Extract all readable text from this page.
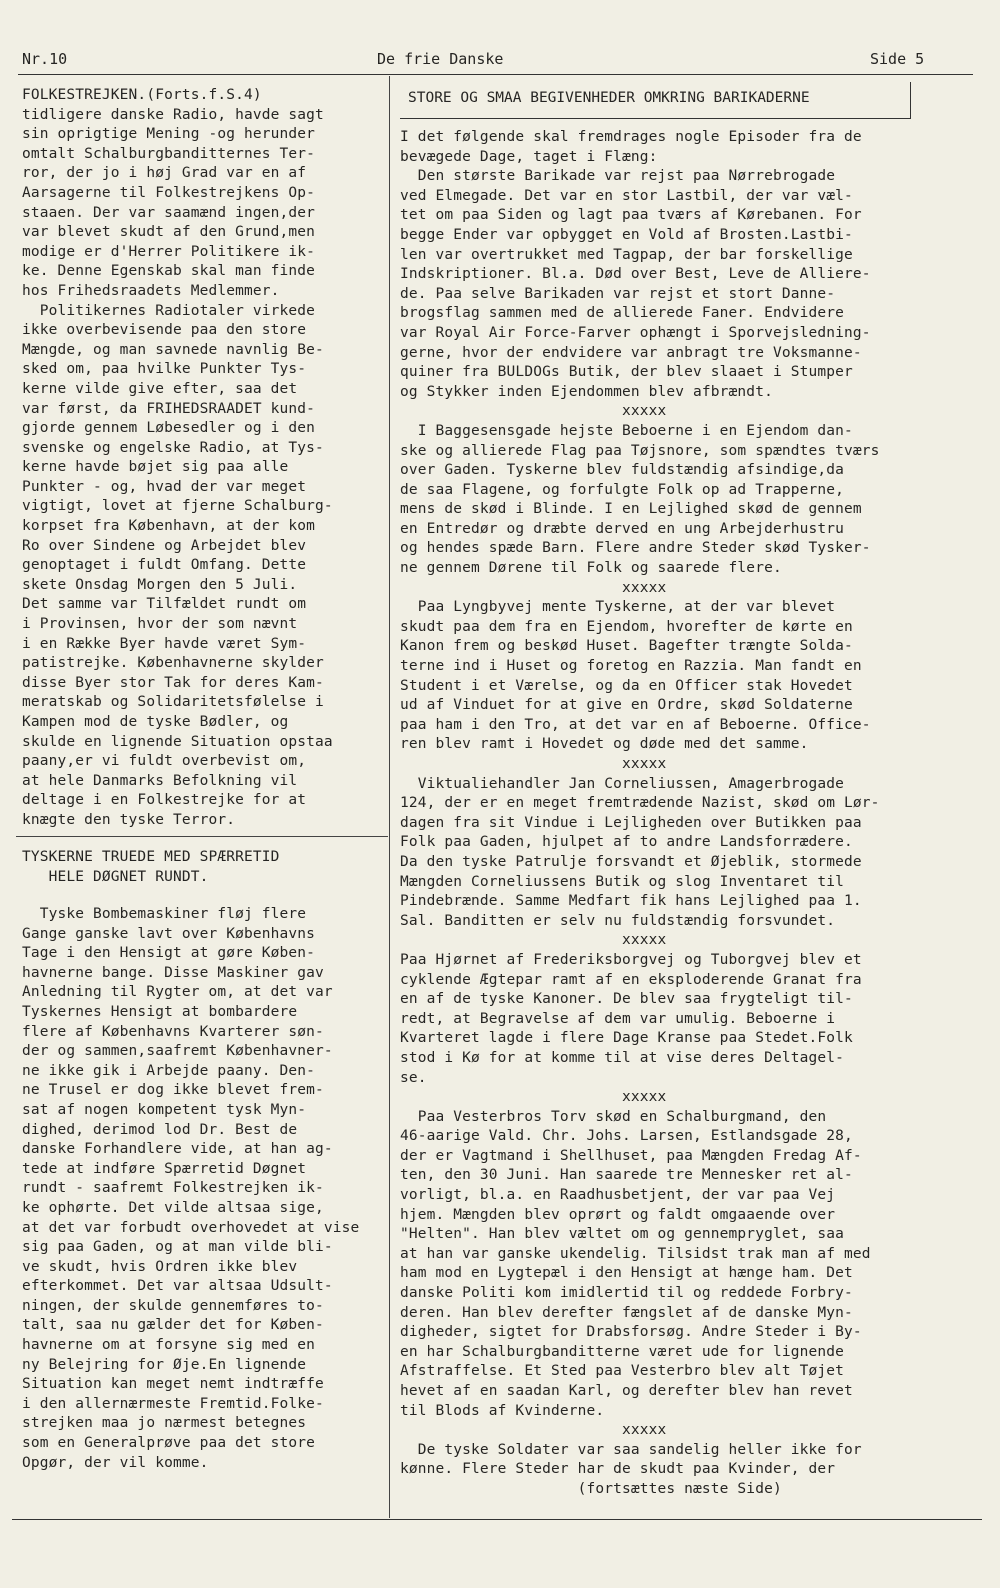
Nr.10	De frie Danske	Side 5
FOLKESTREJKEN.(Forts.f.S.4)
tidligere danske Radio, havde sagt
sin oprigtige Mening -og herunder
omtalt Schalburgbanditternes Ter-
ror, der jo i høj Grad var en af
Aarsagerne til Folkestrejkens Op-
staaen. Der var saamænd ingen,der
var blevet skudt af den Grund,men
modige er d'Herrer Politikere ik-
ke. Denne Egenskab skal man finde
hos Frihedsraadets Medlemmer.
Politikernes Radiotaler virkede
ikke overbevisende paa den store
Mængde, og man savnede navnlig Be-
sked om, paa hvilke Punkter Tys-
kerne vilde give efter, saa det
var først, da FRIHEDSRAADET kund-
gjorde gennem Løbesedler og i den
svenske og engelske Radio, at Tys-
kerne havde bøjet sig paa alle
Punkter - og, hvad der var meget
vigtigt, lovet at fjerne Schalburg-
korpset fra København, at der kom
Ro over Sindene og Arbejdet blev
genoptaget i fuldt Omfang. Dette
skete Onsdag Morgen den 5 Juli.
Det samme var Tilfældet rundt om
i Provinsen, hvor der som nævnt
i en Række Byer havde været Sym-
patistrejke. Københavnerne skylder
disse Byer stor Tak for deres Kam-
meratskab og Solidaritetsfølelse i
Kampen mod de tyske Bødler, og
skulde en lignende Situation opstaa
paany,er vi fuldt overbevist om,
at hele Danmarks Befolkning vil
deltage i en Folkestrejke for at
knægte den tyske Terror.
TYSKERNE TRUEDE MED SPÆRRETID
HELE DØGNET RUNDT.
Tyske Bombemaskiner fløj flere
Gange ganske lavt over Københavns
Tage i den Hensigt at gøre Køben-
havnerne bange. Disse Maskiner gav
Anledning til Rygter om, at det var
Tyskernes Hensigt at bombardere
flere af Københavns Kvarterer søn-
der og sammen,saafremt Københavner-
ne ikke gik i Arbejde paany. Den-
ne Trusel er dog ikke blevet frem-
sat af nogen kompetent tysk Myn-
dighed, derimod lod Dr. Best de
danske Forhandlere vide, at han ag-
tede at indføre Spærretid Døgnet
rundt - saafremt Folkestrejken ik-
ke ophørte. Det vilde altsaa sige,
at det var forbudt overhovedet at vise
sig paa Gaden, og at man vilde bli-
ve skudt, hvis Ordren ikke blev
efterkommet. Det var altsaa Udsult-
ningen, der skulde gennemføres to-
talt, saa nu gælder det for Køben-
havnerne om at forsyne sig med en
ny Belejring for Øje.En lignende
Situation kan meget nemt indtræffe
i den allernærmeste Fremtid.Folke-
strejken maa jo nærmest betegnes
som en Generalprøve paa det store
Opgør, der vil komme.
STORE OG SMAA BEGIVENHEDER OMKRING BARIKADERNE
I det følgende skal fremdrages nogle Episoder fra de
bevægede Dage, taget i Flæng:
Den største Barikade var rejst paa Nørrebrogade
ved Elmegade. Det var en stor Lastbil, der var væl-
tet om paa Siden og lagt paa tværs af Kørebanen. For
begge Ender var opbygget en Vold af Brosten.Lastbi-
len var overtrukket med Tagpap, der bar forskellige
Indskriptioner. Bl.a. Død over Best, Leve de Alliere-
de. Paa selve Barikaden var rejst et stort Danne-
brogsflag sammen med de allierede Faner. Endvidere
var Royal Air Force-Farver ophængt i Sporvejsledning-
gerne, hvor der endvidere var anbragt tre Voksmanne-
quiner fra BULDOGs Butik, der blev slaaet i Stumper
og Stykker inden Ejendommen blev afbrændt.
xxxxx
I Baggesensgade hejste Beboerne i en Ejendom dan-
ske og allierede Flag paa Tøjsnore, som spændtes tværs
over Gaden. Tyskerne blev fuldstændig afsindige,da
de saa Flagene, og forfulgte Folk op ad Trapperne,
mens de skød i Blinde. I en Lejlighed skød de gennem
en Entredør og dræbte derved en ung Arbejderhustru
og hendes spæde Barn. Flere andre Steder skød Tysker-
ne gennem Dørene til Folk og saarede flere.
xxxxx
Paa Lyngbyvej mente Tyskerne, at der var blevet
skudt paa dem fra en Ejendom, hvorefter de kørte en
Kanon frem og beskød Huset. Bagefter trængte Solda-
terne ind i Huset og foretog en Razzia. Man fandt en
Student i et Værelse, og da en Officer stak Hovedet
ud af Vinduet for at give en Ordre, skød Soldaterne
paa ham i den Tro, at det var en af Beboerne. Office-
ren blev ramt i Hovedet og døde med det samme.
xxxxx
Viktualiehandler Jan Corneliussen, Amagerbrogade
124, der er en meget fremtrædende Nazist, skød om Lør-
dagen fra sit Vindue i Lejligheden over Butikken paa
Folk paa Gaden, hjulpet af to andre Landsforrædere.
Da den tyske Patrulje forsvandt et Øjeblik, stormede
Mængden Corneliussens Butik og slog Inventaret til
Pindebrænde. Samme Medfart fik hans Lejlighed paa 1.
Sal. Banditten er selv nu fuldstændig forsvundet.
xxxxx
Paa Hjørnet af Frederiksborgvej og Tuborgvej blev et
cyklende Ægtepar ramt af en eksploderende Granat fra
en af de tyske Kanoner. De blev saa frygteligt til-
redt, at Begravelse af dem var umulig. Beboerne i
Kvarteret lagde i flere Dage Kranse paa Stedet.Folk
stod i Kø for at komme til at vise deres Deltagel-
se.
xxxxx
Paa Vesterbros Torv skød en Schalburgmand, den
46-aarige Vald. Chr. Johs. Larsen, Estlandsgade 28,
der er Vagtmand i Shellhuset, paa Mængden Fredag Af-
ten, den 30 Juni. Han saarede tre Mennesker ret al-
vorligt, bl.a. en Raadhusbetjent, der var paa Vej
hjem. Mængden blev oprørt og faldt omgaaende over
"Helten". Han blev væltet om og gennempryglet, saa
at han var ganske ukendelig. Tilsidst trak man af med
ham mod en Lygtepæl i den Hensigt at hænge ham. Det
danske Politi kom imidlertid til og reddede Forbry-
deren. Han blev derefter fængslet af de danske Myn-
digheder, sigtet for Drabsforsøg. Andre Steder i By-
en har Schalburgbanditterne været ude for lignende
Afstraffelse. Et Sted paa Vesterbro blev alt Tøjet
hevet af en saadan Karl, og derefter blev han revet
til Blods af Kvinderne.
xxxxx
De tyske Soldater var saa sandelig heller ikke for
kønne. Flere Steder har de skudt paa Kvinder, der
(fortsættes næste Side)
